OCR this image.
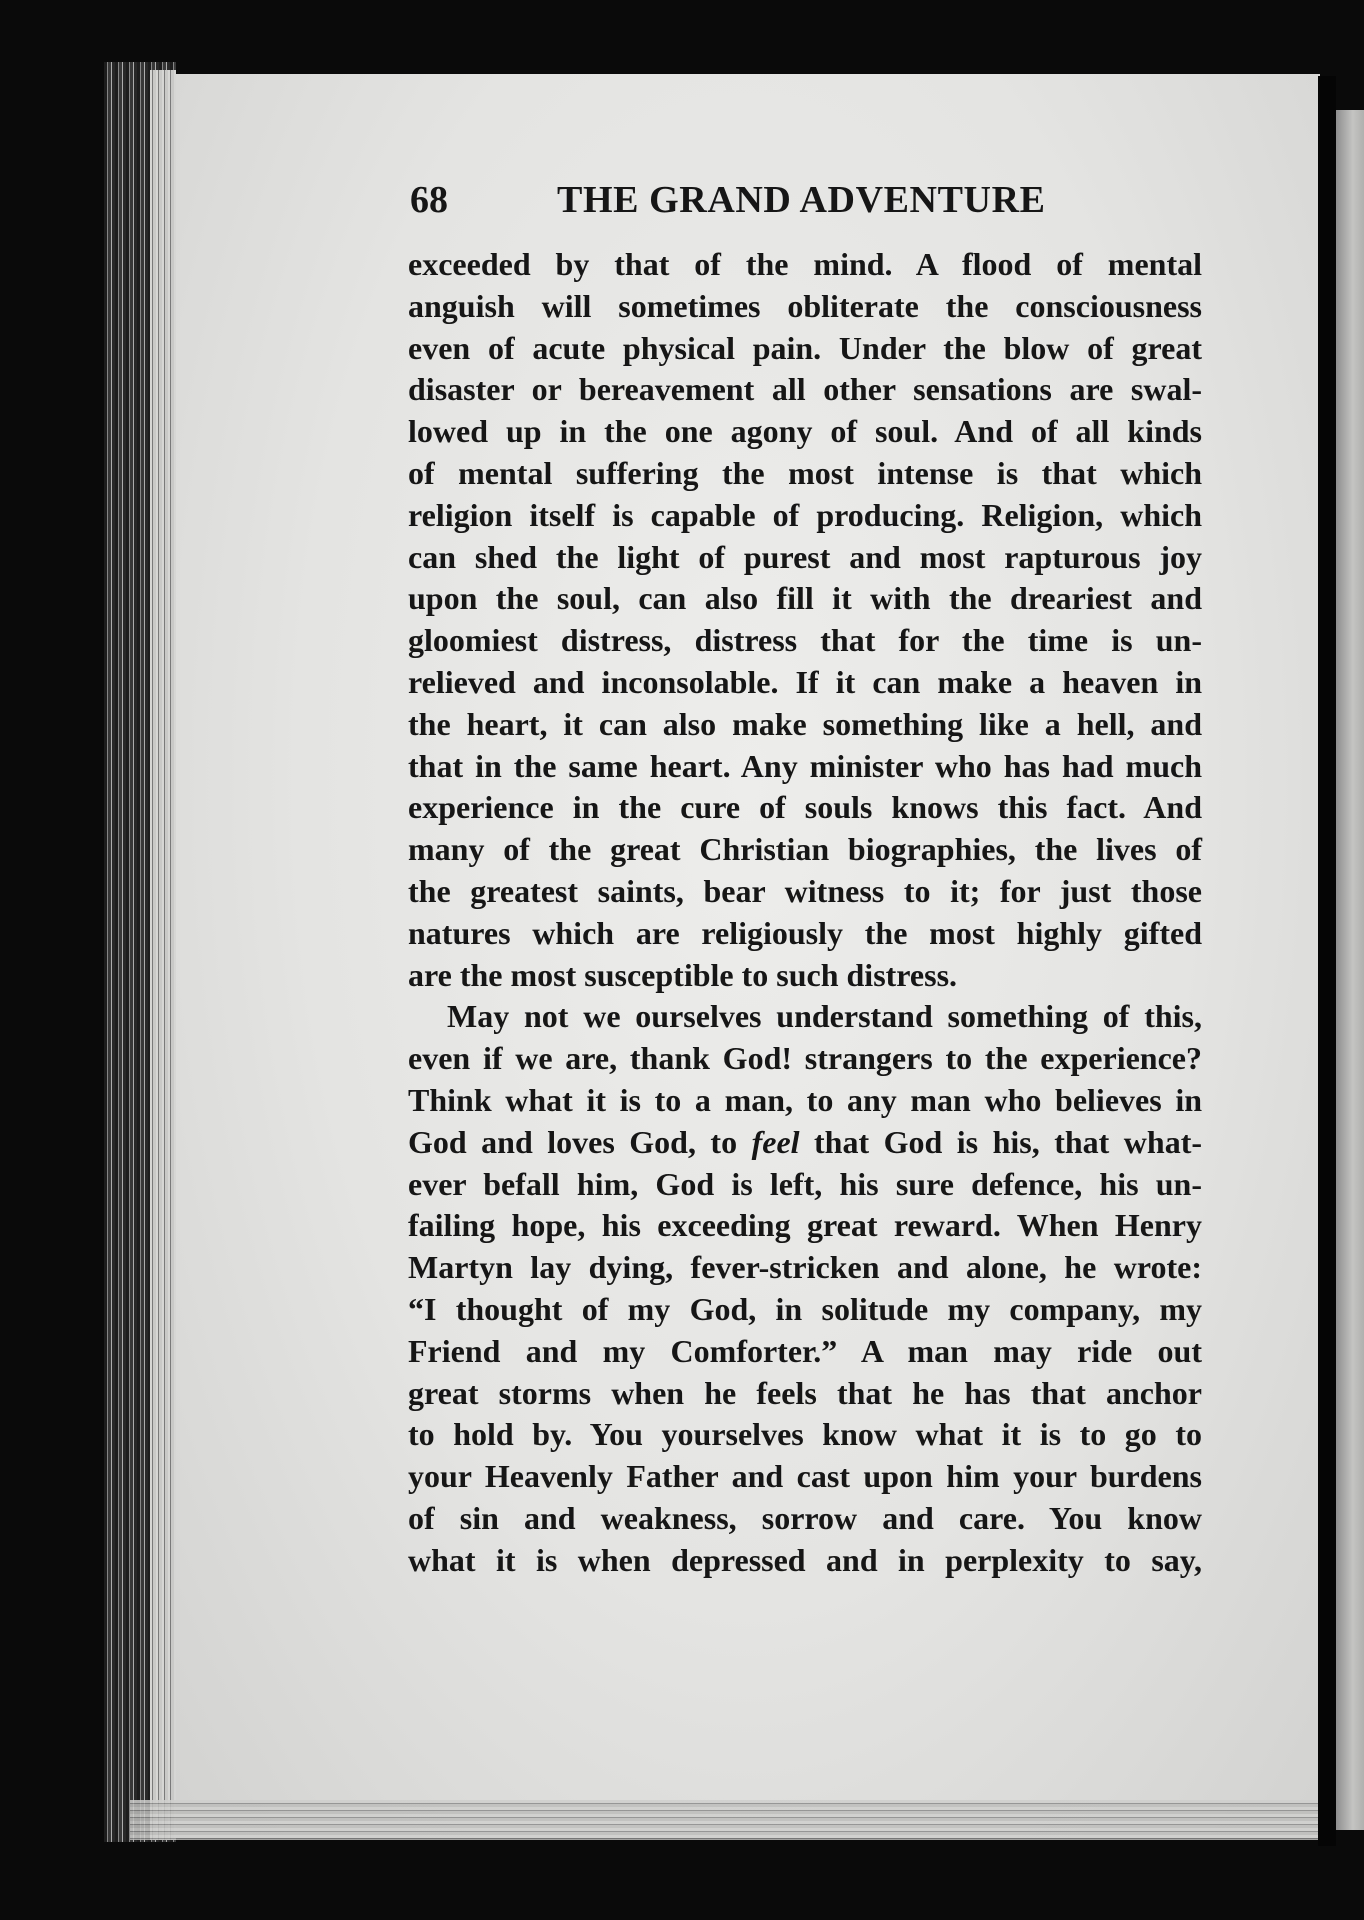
68	THE GRAND ADVENTURE
exceeded by that of the mind. A flood of mental
anguish will sometimes obliterate the consciousness
even of acute physical pain. Under the blow of great
disaster or bereavement all other sensations are swal-
lowed up in the one agony of soul. And of all kinds
of mental suffering the most intense is that which
religion itself is capable of producing. Religion, which
can shed the light of purest and most rapturous joy
upon the soul, can also fill it with the dreariest and
gloomiest distress, distress that for the time is un-
relieved and inconsolable. If it can make a heaven in
the heart, it can also make something like a hell, and
that in the same heart. Any minister who has had much
experience in the cure of souls knows this fact. And
many of the great Christian biographies, the lives of
the greatest saints, bear witness to it; for just those
natures which are religiously the most highly gifted
are the most susceptible to such distress.
May not we ourselves understand something of this,
even if we are, thank God! strangers to the experience?
Think what it is to a man, to any man who believes in
God and loves God, to feel that God is his, that what-
ever befall him, God is left, his sure defence, his un-
failing hope, his exceeding great reward. When Henry
Martyn lay dying, fever-stricken and alone, he wrote:
“I thought of my God, in solitude my company, my
Friend and my Comforter.” A man may ride out
great storms when he feels that he has that anchor
to hold by. You yourselves know what it is to go to
your Heavenly Father and cast upon him your burdens
of sin and weakness, sorrow and care. You know
what it is when depressed and in perplexity to say,
